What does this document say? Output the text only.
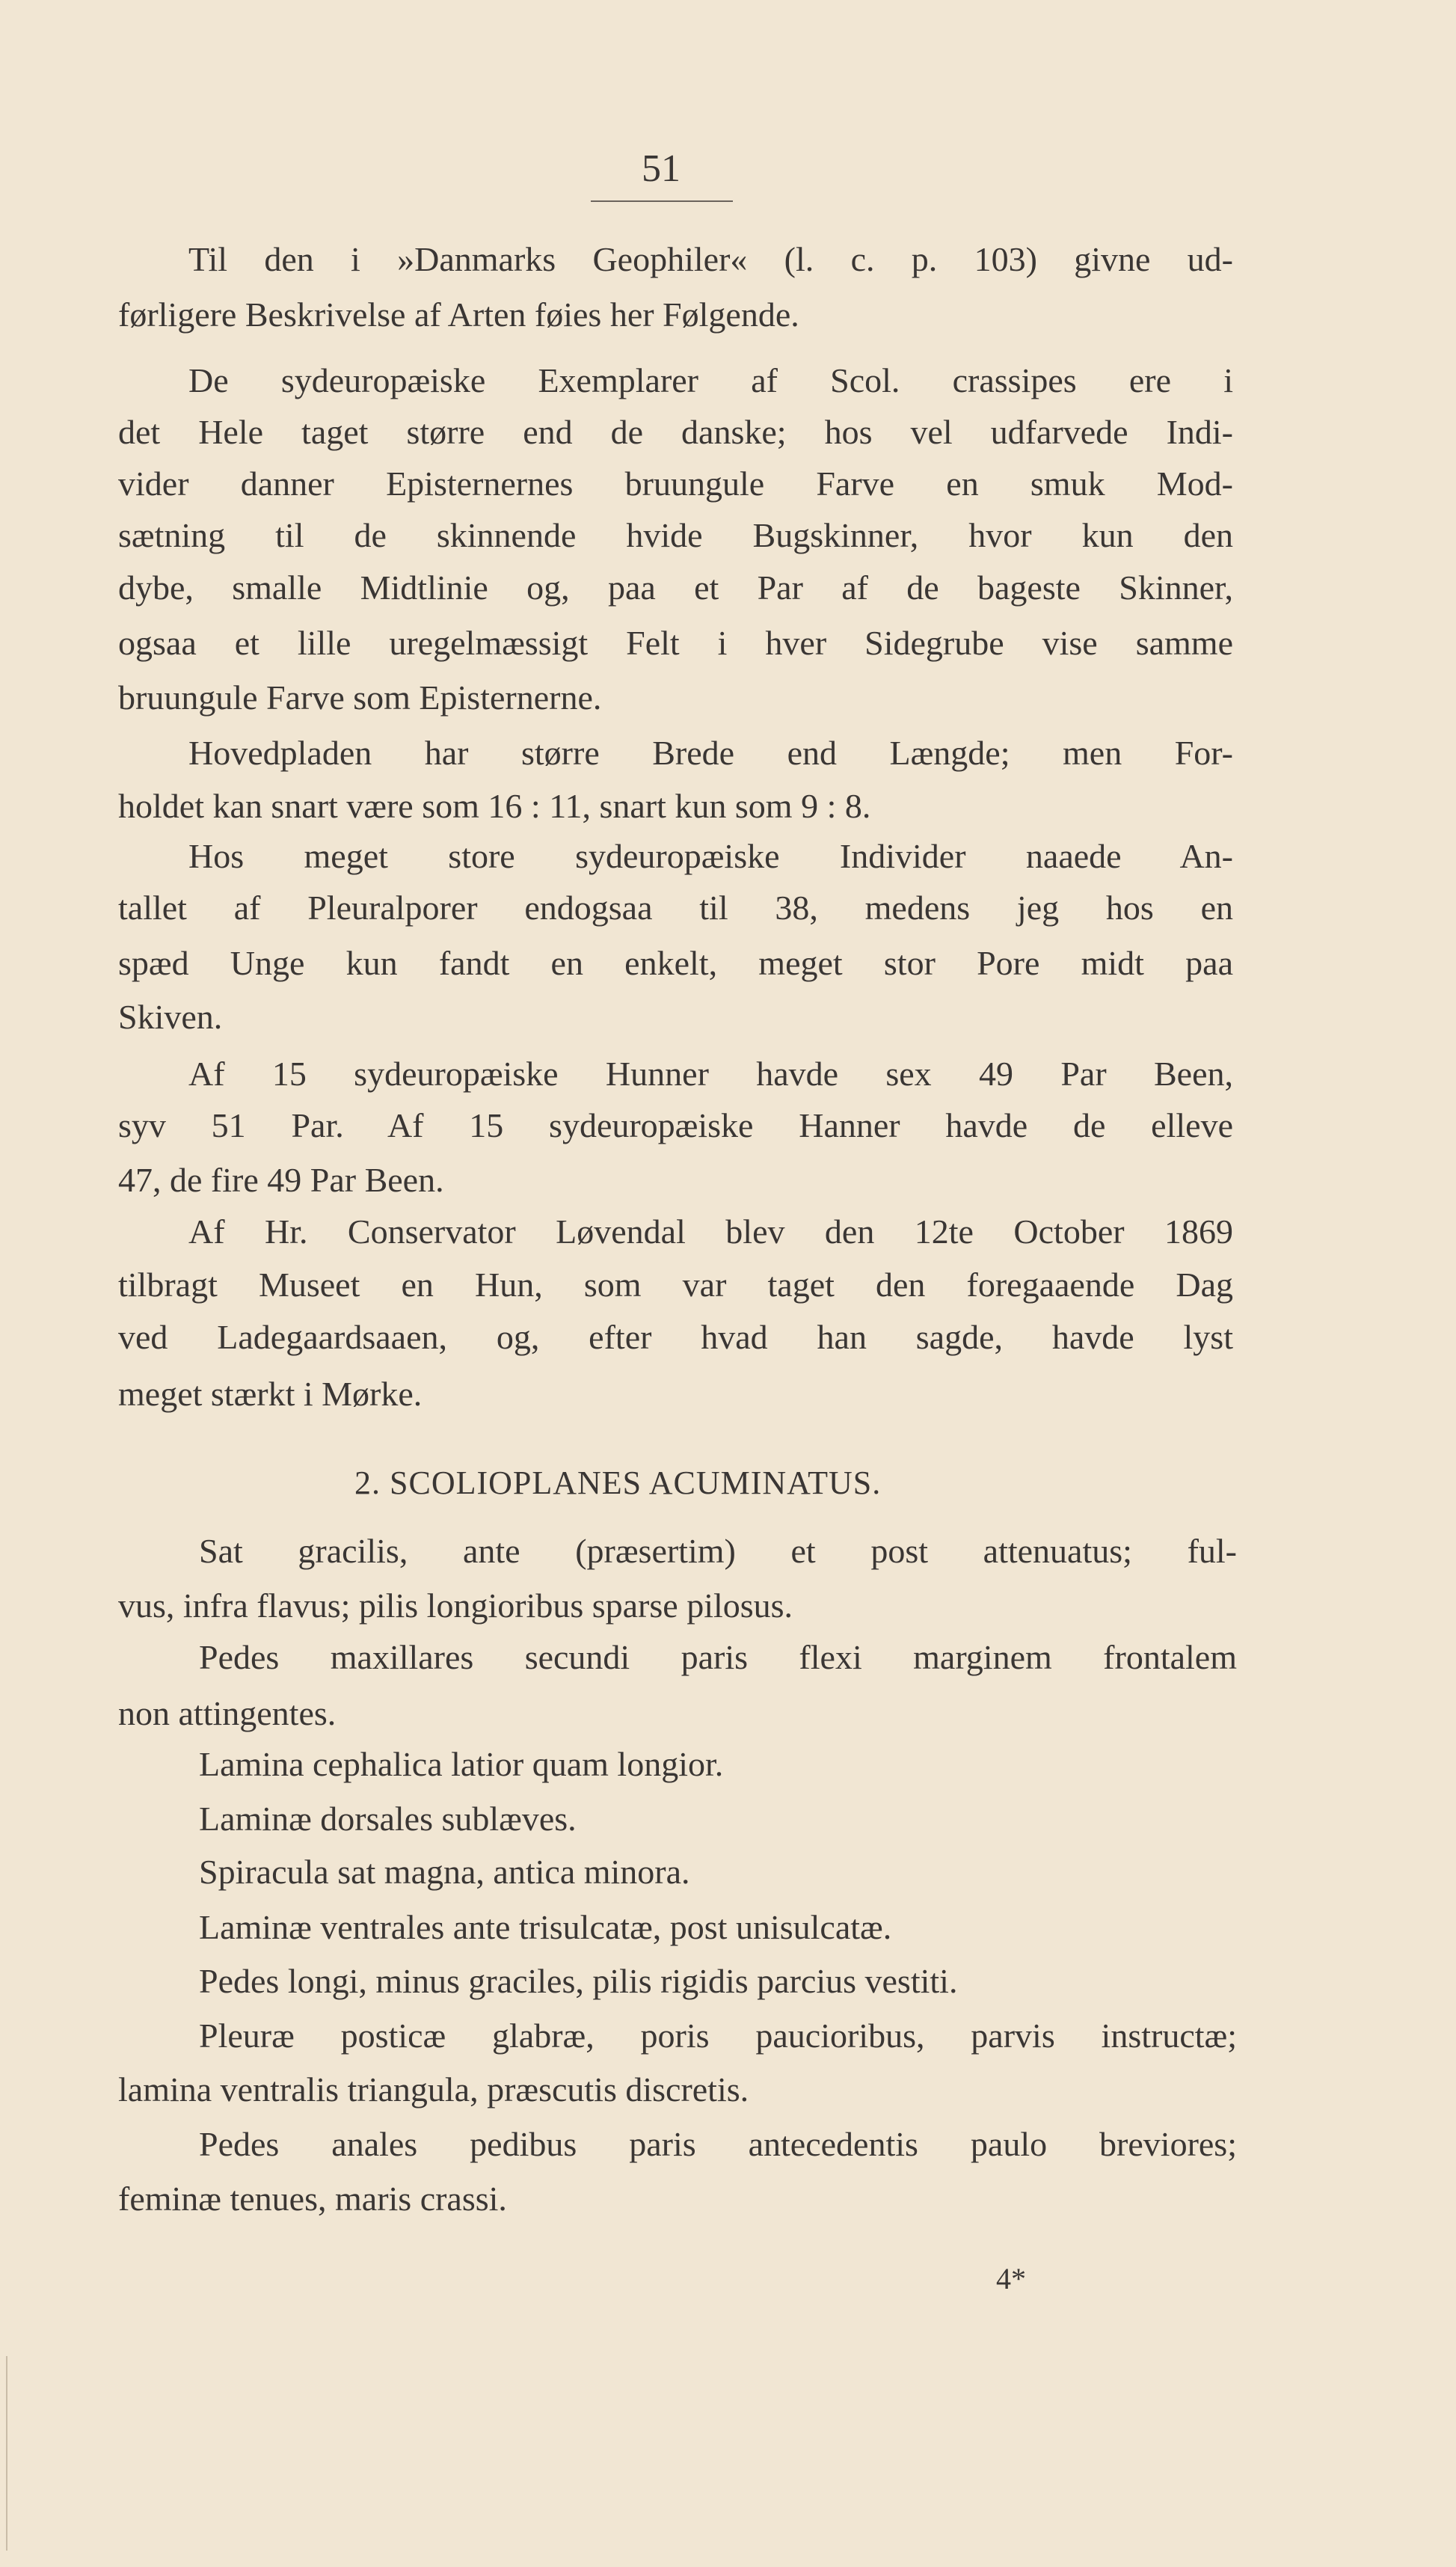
51
Til den i »Danmarks Geophiler« (l. c. p. 103) givne ud-
førligere Beskrivelse af Arten føies her Følgende.
De sydeuropæiske Exemplarer af Scol. crassipes ere i
det Hele taget større end de danske; hos vel udfarvede Indi-
vider danner Episternernes bruungule Farve en smuk Mod-
sætning til de skinnende hvide Bugskinner, hvor kun den
dybe, smalle Midtlinie og, paa et Par af de bageste Skinner,
ogsaa et lille uregelmæssigt Felt i hver Sidegrube vise samme
bruungule Farve som Episternerne.
Hovedpladen har større Brede end Længde; men For-
holdet kan snart være som 16 : 11, snart kun som 9 : 8.
Hos meget store sydeuropæiske Individer naaede An-
tallet af Pleuralporer endogsaa til 38, medens jeg hos en
spæd Unge kun fandt en enkelt, meget stor Pore midt paa
Skiven.
Af 15 sydeuropæiske Hunner havde sex 49 Par Been,
syv 51 Par. Af 15 sydeuropæiske Hanner havde de elleve
47, de fire 49 Par Been.
Af Hr. Conservator Løvendal blev den 12te October 1869
tilbragt Museet en Hun, som var taget den foregaaende Dag
ved Ladegaardsaaen, og, efter hvad han sagde, havde lyst
meget stærkt i Mørke.
2. SCOLIOPLANES ACUMINATUS.
Sat gracilis, ante (præsertim) et post attenuatus; ful-
vus, infra flavus; pilis longioribus sparse pilosus.
Pedes maxillares secundi paris flexi marginem frontalem
non attingentes.
Lamina cephalica latior quam longior.
Laminæ dorsales sublæves.
Spiracula sat magna, antica minora.
Laminæ ventrales ante trisulcatæ, post unisulcatæ.
Pedes longi, minus graciles, pilis rigidis parcius vestiti.
Pleuræ posticæ glabræ, poris paucioribus, parvis instructæ;
lamina ventralis triangula, præscutis discretis.
Pedes anales pedibus paris antecedentis paulo breviores;
feminæ tenues, maris crassi.
4*
